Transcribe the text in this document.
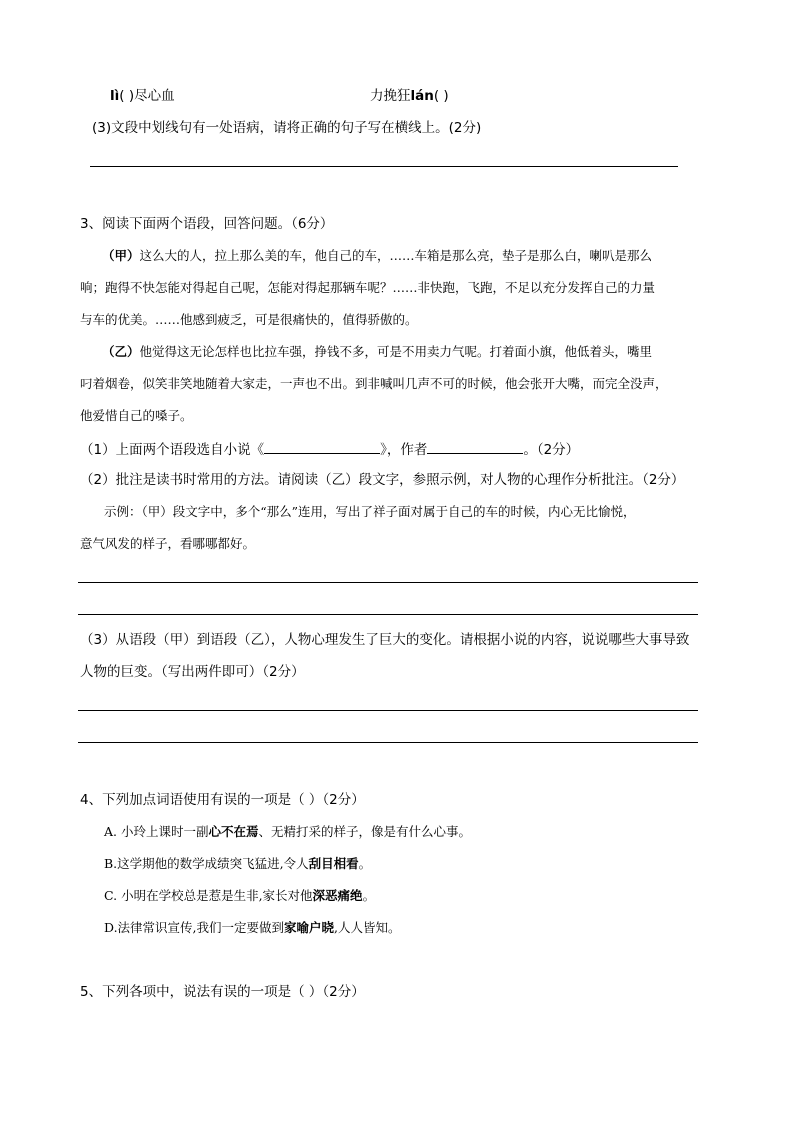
lì( )尽心血	力挽狂lán( )
(3)文段中划线句有一处语病，请将正确的句子写在横线上。(2分)
3、阅读下面两个语段，回答问题。（6分）
（甲）这么大的人，拉上那么美的车，他自己的车，……车箱是那么亮，垫子是那么白，喇叭是那么
响；跑得不快怎能对得起自己呢，怎能对得起那辆车呢？……非快跑，飞跑，不足以充分发挥自己的力量
与车的优美。……他感到疲乏，可是很痛快的，值得骄傲的。
（乙）他觉得这无论怎样也比拉车强，挣钱不多，可是不用卖力气呢。打着面小旗，他低着头，嘴里
叼着烟卷，似笑非笑地随着大家走，一声也不出。到非喊叫几声不可的时候，他会张开大嘴，而完全没声，
他爱惜自己的嗓子。
（1）上面两个语段选自小说《	》，作者	。（2分）
（2）批注是读书时常用的方法。请阅读（乙）段文字，参照示例，对人物的心理作分析批注。（2分）
示例：（甲）段文字中，多个“那么”连用，写出了祥子面对属于自己的车的时候，内心无比愉悦，
意气风发的样子，看哪哪都好。
（3）从语段（甲）到语段（乙），人物心理发生了巨大的变化。请根据小说的内容，说说哪些大事导致
人物的巨变。（写出两件即可）（2分）
4、下列加点词语使用有误的一项是（ ）（2分）
A. 小玲上课时一副心不在焉、无精打采的样子，像是有什么心事。
B.这学期他的数学成绩突飞猛进,令人刮目相看。
C. 小明在学校总是惹是生非,家长对他深恶痛绝。
D.法律常识宣传,我们一定要做到家喻户晓,人人皆知。
5、下列各项中，说法有误的一项是（ ）（2分）
